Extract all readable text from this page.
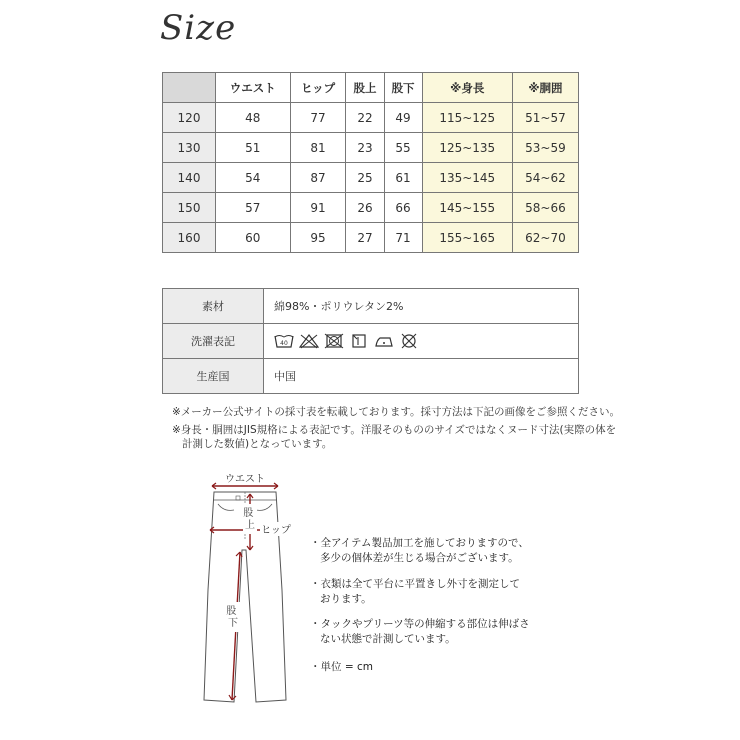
Size
	ウエスト	ヒップ	股上	股下	※身長	※胴囲
120	48	77	22	49	115~125	51~57
130	51	81	23	55	125~135	53~59
140	54	87	25	61	135~145	54~62
150	57	91	26	66	145~155	58~66
160	60	95	27	71	155~165	62~70
素材	綿98%・ポリウレタン2%
洗濯表記	40

生産国	中国
※メーカー公式サイトの採寸表を転載しております。採寸方法は下記の画像をご参照ください。
※身長・胴囲はJIS規格による表記です。洋服そのもののサイズではなくヌード寸法(実際の体を
計測した数値)となっています。
ウエスト
ヒップ
股 上
股 下
・全アイテム製品加工を施しておりますので、
多少の個体差が生じる場合がございます。
・衣類は全て平台に平置きし外寸を測定して
おります。
・タックやプリーツ等の伸縮する部位は伸ばさ
ない状態で計測しています。
・単位 = cm
